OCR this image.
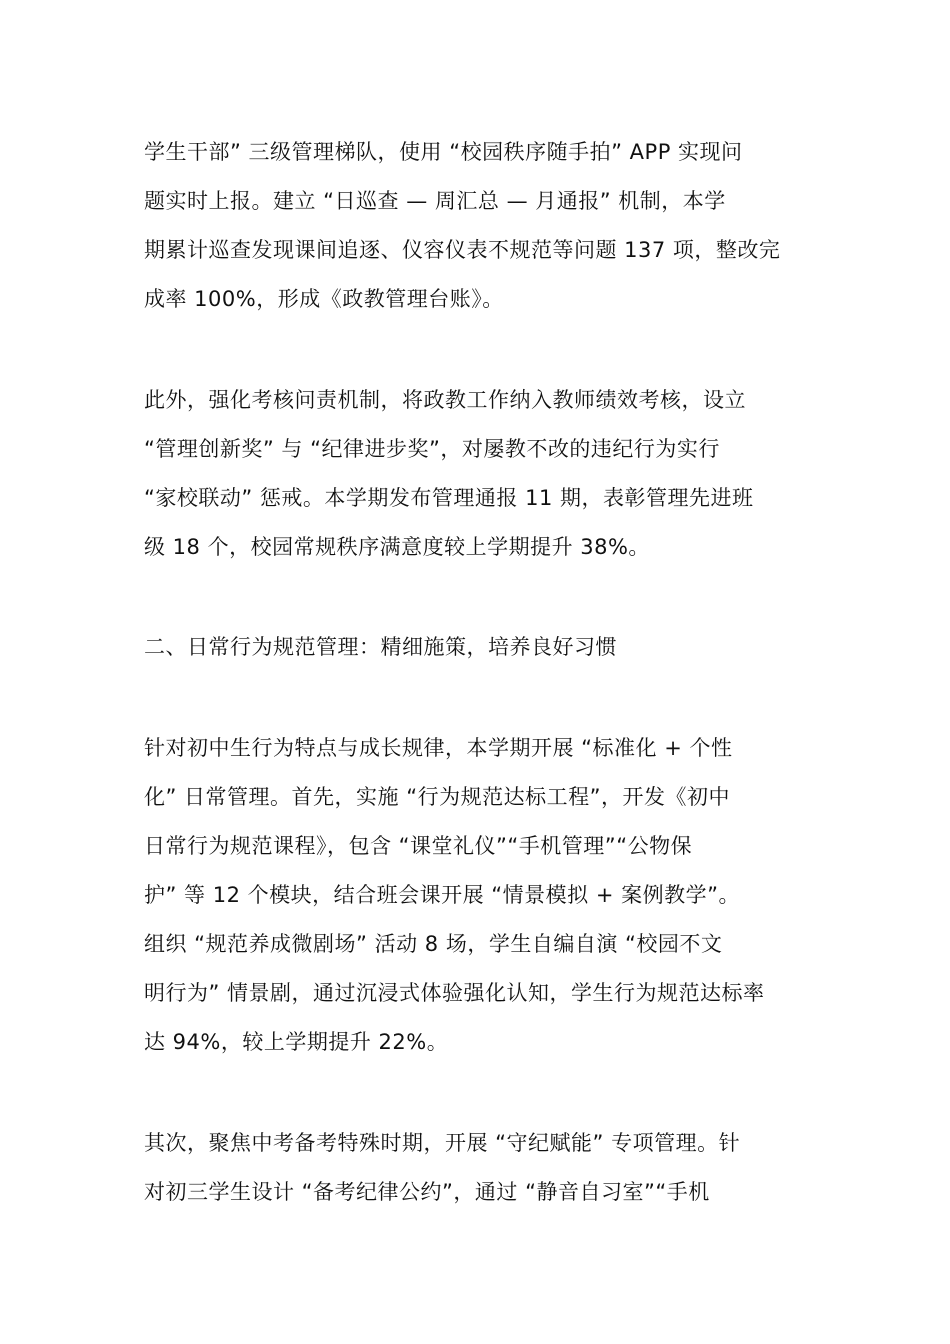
学生干部” 三级管理梯队，使用 “校园秩序随手拍” APP 实现问
题实时上报。建立 “日巡查 — 周汇总 — 月通报” 机制，本学
期累计巡查发现课间追逐、仪容仪表不规范等问题 137 项，整改完
成率 100%，形成《政教管理台账》。
此外，强化考核问责机制，将政教工作纳入教师绩效考核，设立
“管理创新奖” 与 “纪律进步奖”，对屡教不改的违纪行为实行
“家校联动” 惩戒。本学期发布管理通报 11 期，表彰管理先进班
级 18 个，校园常规秩序满意度较上学期提升 38%。
二、日常行为规范管理：精细施策，培养良好习惯
针对初中生行为特点与成长规律，本学期开展 “标准化 + 个性
化” 日常管理。首先，实施 “行为规范达标工程”，开发《初中
日常行为规范课程》，包含 “课堂礼仪”“手机管理”“公物保
护” 等 12 个模块，结合班会课开展 “情景模拟 + 案例教学”。
组织 “规范养成微剧场” 活动 8 场，学生自编自演 “校园不文
明行为” 情景剧，通过沉浸式体验强化认知，学生行为规范达标率
达 94%，较上学期提升 22%。
其次，聚焦中考备考特殊时期，开展 “守纪赋能” 专项管理。针
对初三学生设计 “备考纪律公约”，通过 “静音自习室”“手机
